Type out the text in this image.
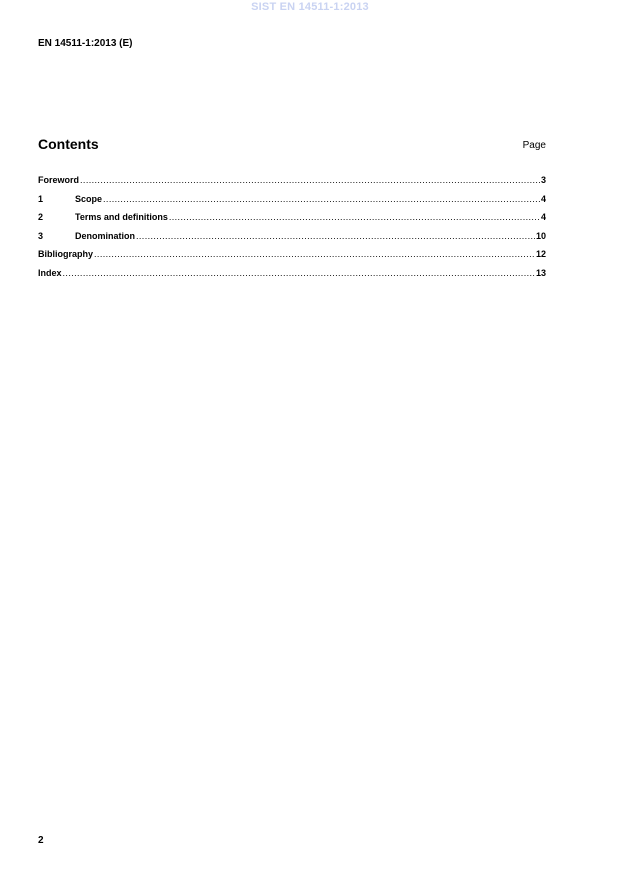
SIST EN 14511-1:2013
EN 14511-1:2013 (E)
Contents	Page
Foreword .....	3
1	Scope .....	4
2	Terms and definitions .....	4
3	Denomination .....	10
Bibliography .....	12
Index .....	13
2
